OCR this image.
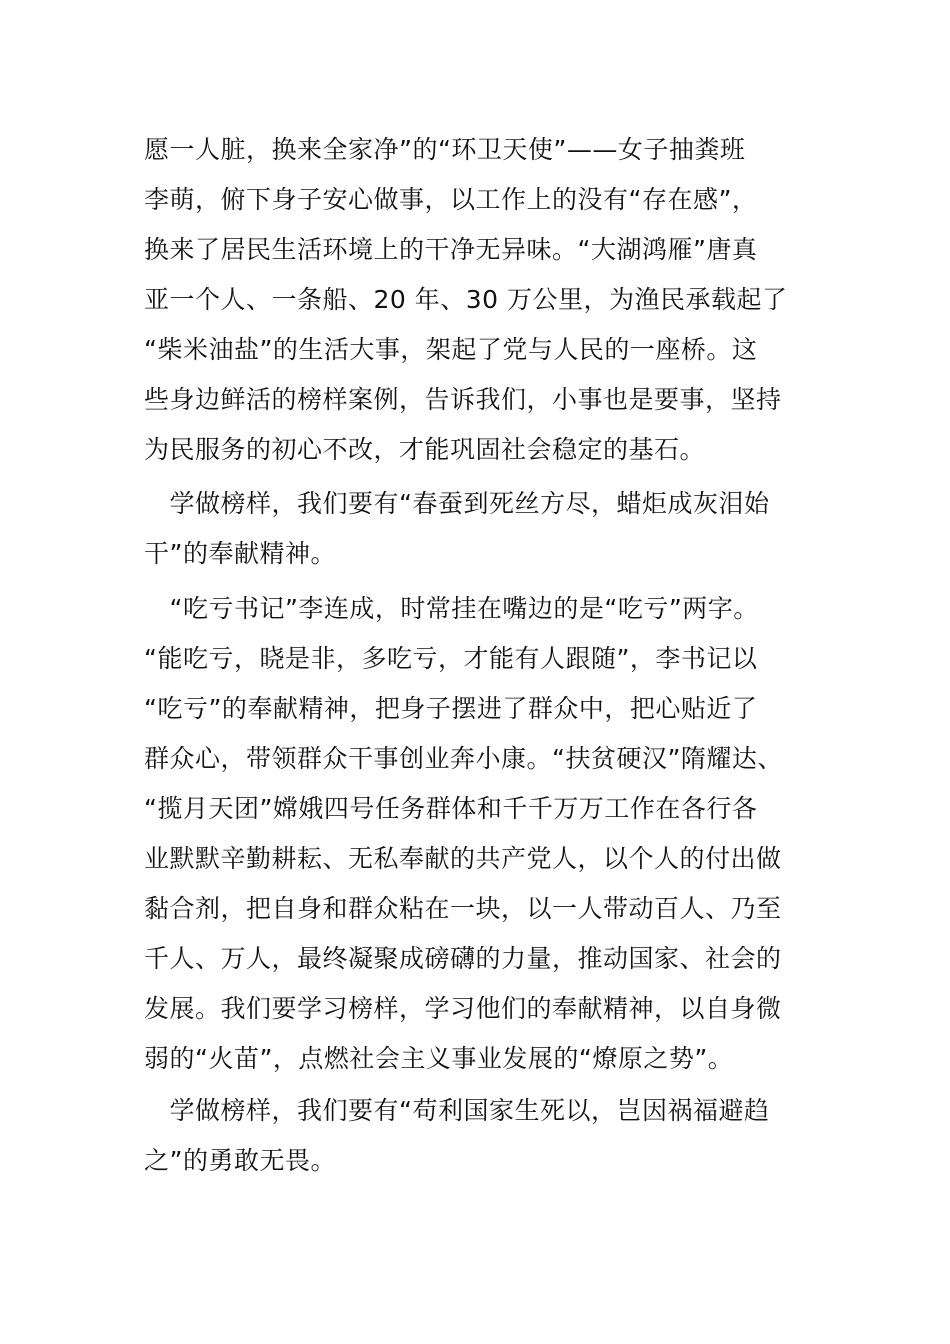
愿一人脏，换来全家净”的“环卫天使”——女子抽粪班
李萌，俯下身子安心做事，以工作上的没有“存在感”，
换来了居民生活环境上的干净无异味。“大湖鸿雁”唐真
亚一个人、一条船、20 年、30 万公里，为渔民承载起了
“柴米油盐”的生活大事，架起了党与人民的一座桥。这
些身边鲜活的榜样案例，告诉我们，小事也是要事，坚持
为民服务的初心不改，才能巩固社会稳定的基石。
　学做榜样，我们要有“春蚕到死丝方尽，蜡炬成灰泪始
干”的奉献精神。
　“吃亏书记”李连成，时常挂在嘴边的是“吃亏”两字。
“能吃亏，晓是非，多吃亏，才能有人跟随”，李书记以
“吃亏”的奉献精神，把身子摆进了群众中，把心贴近了
群众心，带领群众干事创业奔小康。“扶贫硬汉”隋耀达、
“揽月天团”嫦娥四号任务群体和千千万万工作在各行各
业默默辛勤耕耘、无私奉献的共产党人，以个人的付出做
黏合剂，把自身和群众粘在一块，以一人带动百人、乃至
千人、万人，最终凝聚成磅礴的力量，推动国家、社会的
发展。我们要学习榜样，学习他们的奉献精神，以自身微
弱的“火苗”，点燃社会主义事业发展的“燎原之势”。
　学做榜样，我们要有“苟利国家生死以，岂因祸福避趋
之”的勇敢无畏。
